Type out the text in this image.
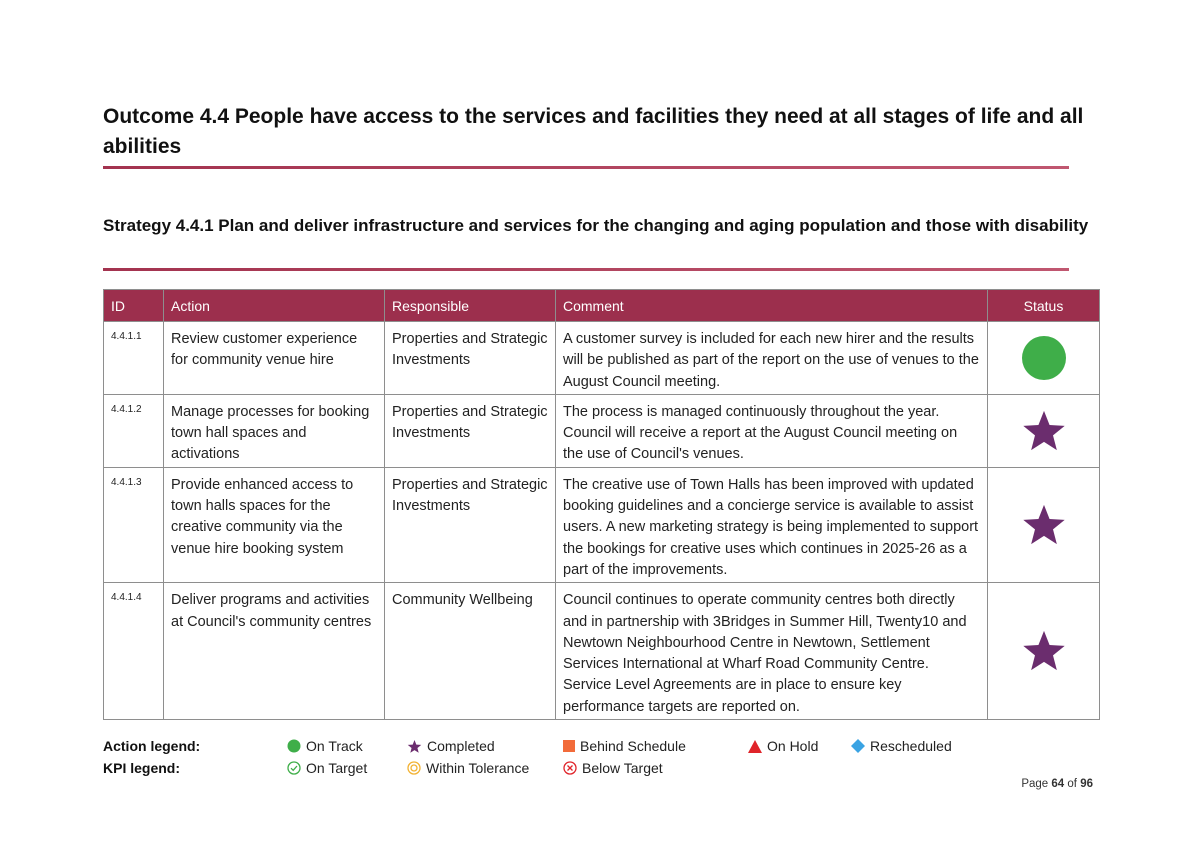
Outcome 4.4 People have access to the services and facilities they need at all stages of life and all abilities
Strategy 4.4.1 Plan and deliver infrastructure and services for the changing and aging population and those with disability
ID	Action	Responsible	Comment	Status
4.4.1.1	Review customer experience for community venue hire	Properties and Strategic Investments	A customer survey is included for each new hirer and the results will be published as part of the report on the use of venues to the August Council meeting.	
4.4.1.2	Manage processes for booking town hall spaces and activations	Properties and Strategic Investments	The process is managed continuously throughout the year. Council will receive a report at the August Council meeting on the use of Council's venues.	
4.4.1.3	Provide enhanced access to town halls spaces for the creative community via the venue hire booking system	Properties and Strategic Investments	The creative use of Town Halls has been improved with updated booking guidelines and a concierge service is available to assist users. A new marketing strategy is being implemented to support the bookings for creative uses which continues in 2025-26 as a part of the improvements.	
4.4.1.4	Deliver programs and activities at Council's community centres	Community Wellbeing	Council continues to operate community centres both directly and in partnership with 3Bridges in Summer Hill, Twenty10 and Newtown Neighbourhood Centre in Newtown, Settlement Services International at Wharf Road Community Centre. Service Level Agreements are in place to ensure key performance targets are reported on.	
Action legend:	On Track	Completed	Behind Schedule	On Hold	Rescheduled
KPI legend:	On Target	Within Tolerance	Below Target
Page 64 of 96
